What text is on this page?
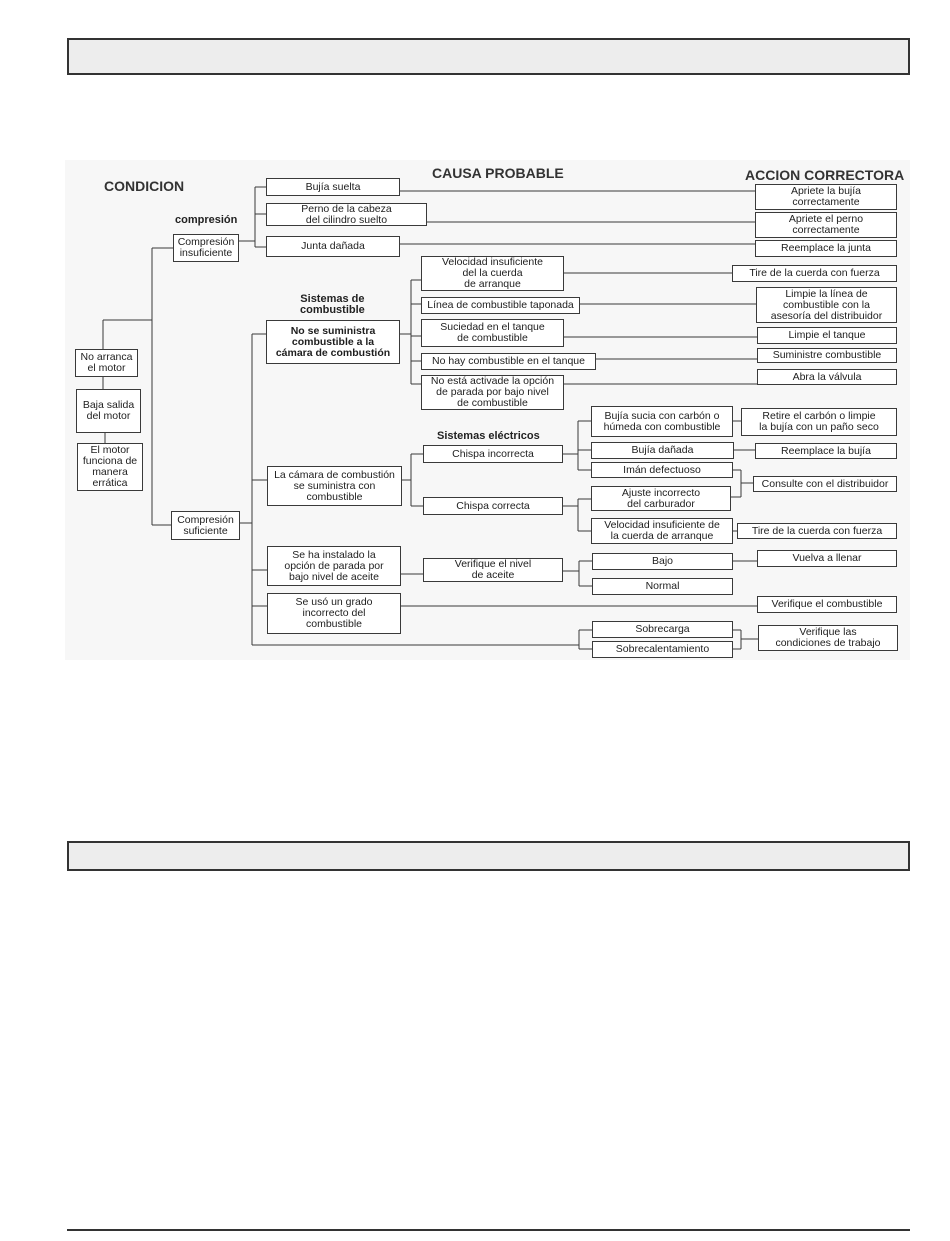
CONDICION
CAUSA PROBABLE	ACCION CORRECTORA
compresión
Sistemas de
combustible
Sistemas eléctricos
No arranca
el motor
Baja salida
del motor
El motor
funciona de
manera
errática
Compresión
insuficiente
Compresión
suficiente
Bujía suelta
Perno de la cabeza
del cilindro suelto
Junta dañada
No se suministra
combustible a la
cámara de combustión
La cámara de combustión
se suministra con
combustible
Se ha instalado la
opción de parada por
bajo nivel de aceite
Se usó un grado
incorrecto del
combustible
Velocidad insuficiente
del la cuerda
de arranque
Línea de combustible taponada
Suciedad en el tanque
de combustible
No hay combustible en el tanque
No está activade la opción
de parada por bajo nivel
de combustible
Chispa incorrecta
Chispa correcta
Bujía sucia con carbón o
húmeda con combustible
Bujía dañada
Imán defectuoso
Ajuste incorrecto
del carburador
Velocidad insuficiente de
la cuerda de arranque
Verifique el nivel
de aceite
Bajo
Normal
Sobrecarga
Sobrecalentamiento
Apriete la bujía
correctamente
Apriete el perno
correctamente
Reemplace la junta
Tire de la cuerda con fuerza
Limpie la línea de
combustible con la
asesoría del distribuidor
Limpie el tanque
Suministre combustible
Abra la válvula
Retire el carbón o limpie
la bujía con un paño seco
Reemplace la bujía
Consulte con el distribuidor
Tire de la cuerda con fuerza
Vuelva a llenar
Verifique el combustible
Verifique las
condiciones de trabajo
